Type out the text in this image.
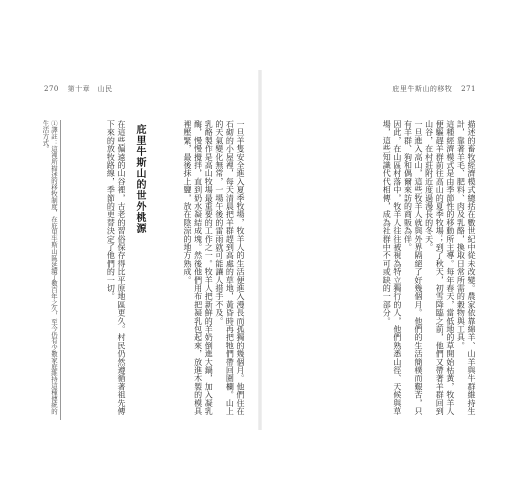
270 第十章　山民
一旦羊隻安全進入夏季牧場，牧羊人的生活便進入漫長而孤獨的幾個月。他們住在石砌的小屋裡，每天清晨把羊群趕到高處的草地，黃昏時再把牠們帶回圍欄。山上的天氣變化無常，一場午後的雷雨就可能讓人措手不及。
乳酪製作是高山牧場最重要的工作之一。牧羊人把新鮮的羊奶倒進大鍋，加入凝乳酶，慢慢攪拌，直到奶水凝結成塊。然後他們用布把凝乳包起來，放進木製的模具裡壓緊，最後抹上鹽，放在陰涼的地方熟成。
庇里牛斯山的世外桃源
在這些偏遠的山谷裡，古老的習俗保存得比平原地區更久。村民仍然遵循著祖先傳下來的放牧路線，季節的更替決定了他們的一切。
①譯註：這裡所描述的移牧制度，在庇里牛斯山區延續了數百年之久，至今仍有少數家庭維持這種傳統的生活方式。
庇里牛斯山的移牧 271
描述的畜牧經濟模式總括在數世紀中從未改變。農家依靠綿羊、山羊與牛群維持生計，靠著羊毛、肥料、肉及乳酪，換取日常所需的穀物與工具。
這種經濟模式是由季節性的移動所主導。每年春天，當低地的草開始枯黃，牧羊人便驅趕羊群前往高山的夏季牧場；到了秋天，初雪降臨之前，他們又帶著羊群回到山谷，在村莊附近度過漫長的冬天。
一旦進入高山，這些牧羊人就與外界隔絕了好幾個月。他們的生活簡樸而艱苦，只有羊群、狗和偶爾來訪的商販為伴。
因此，在山區村落中，牧羊人往往被視為特立獨行的人，他們熟悉山徑、天候與草場，這些知識代代相傳，成為社群中不可或缺的一部分。
